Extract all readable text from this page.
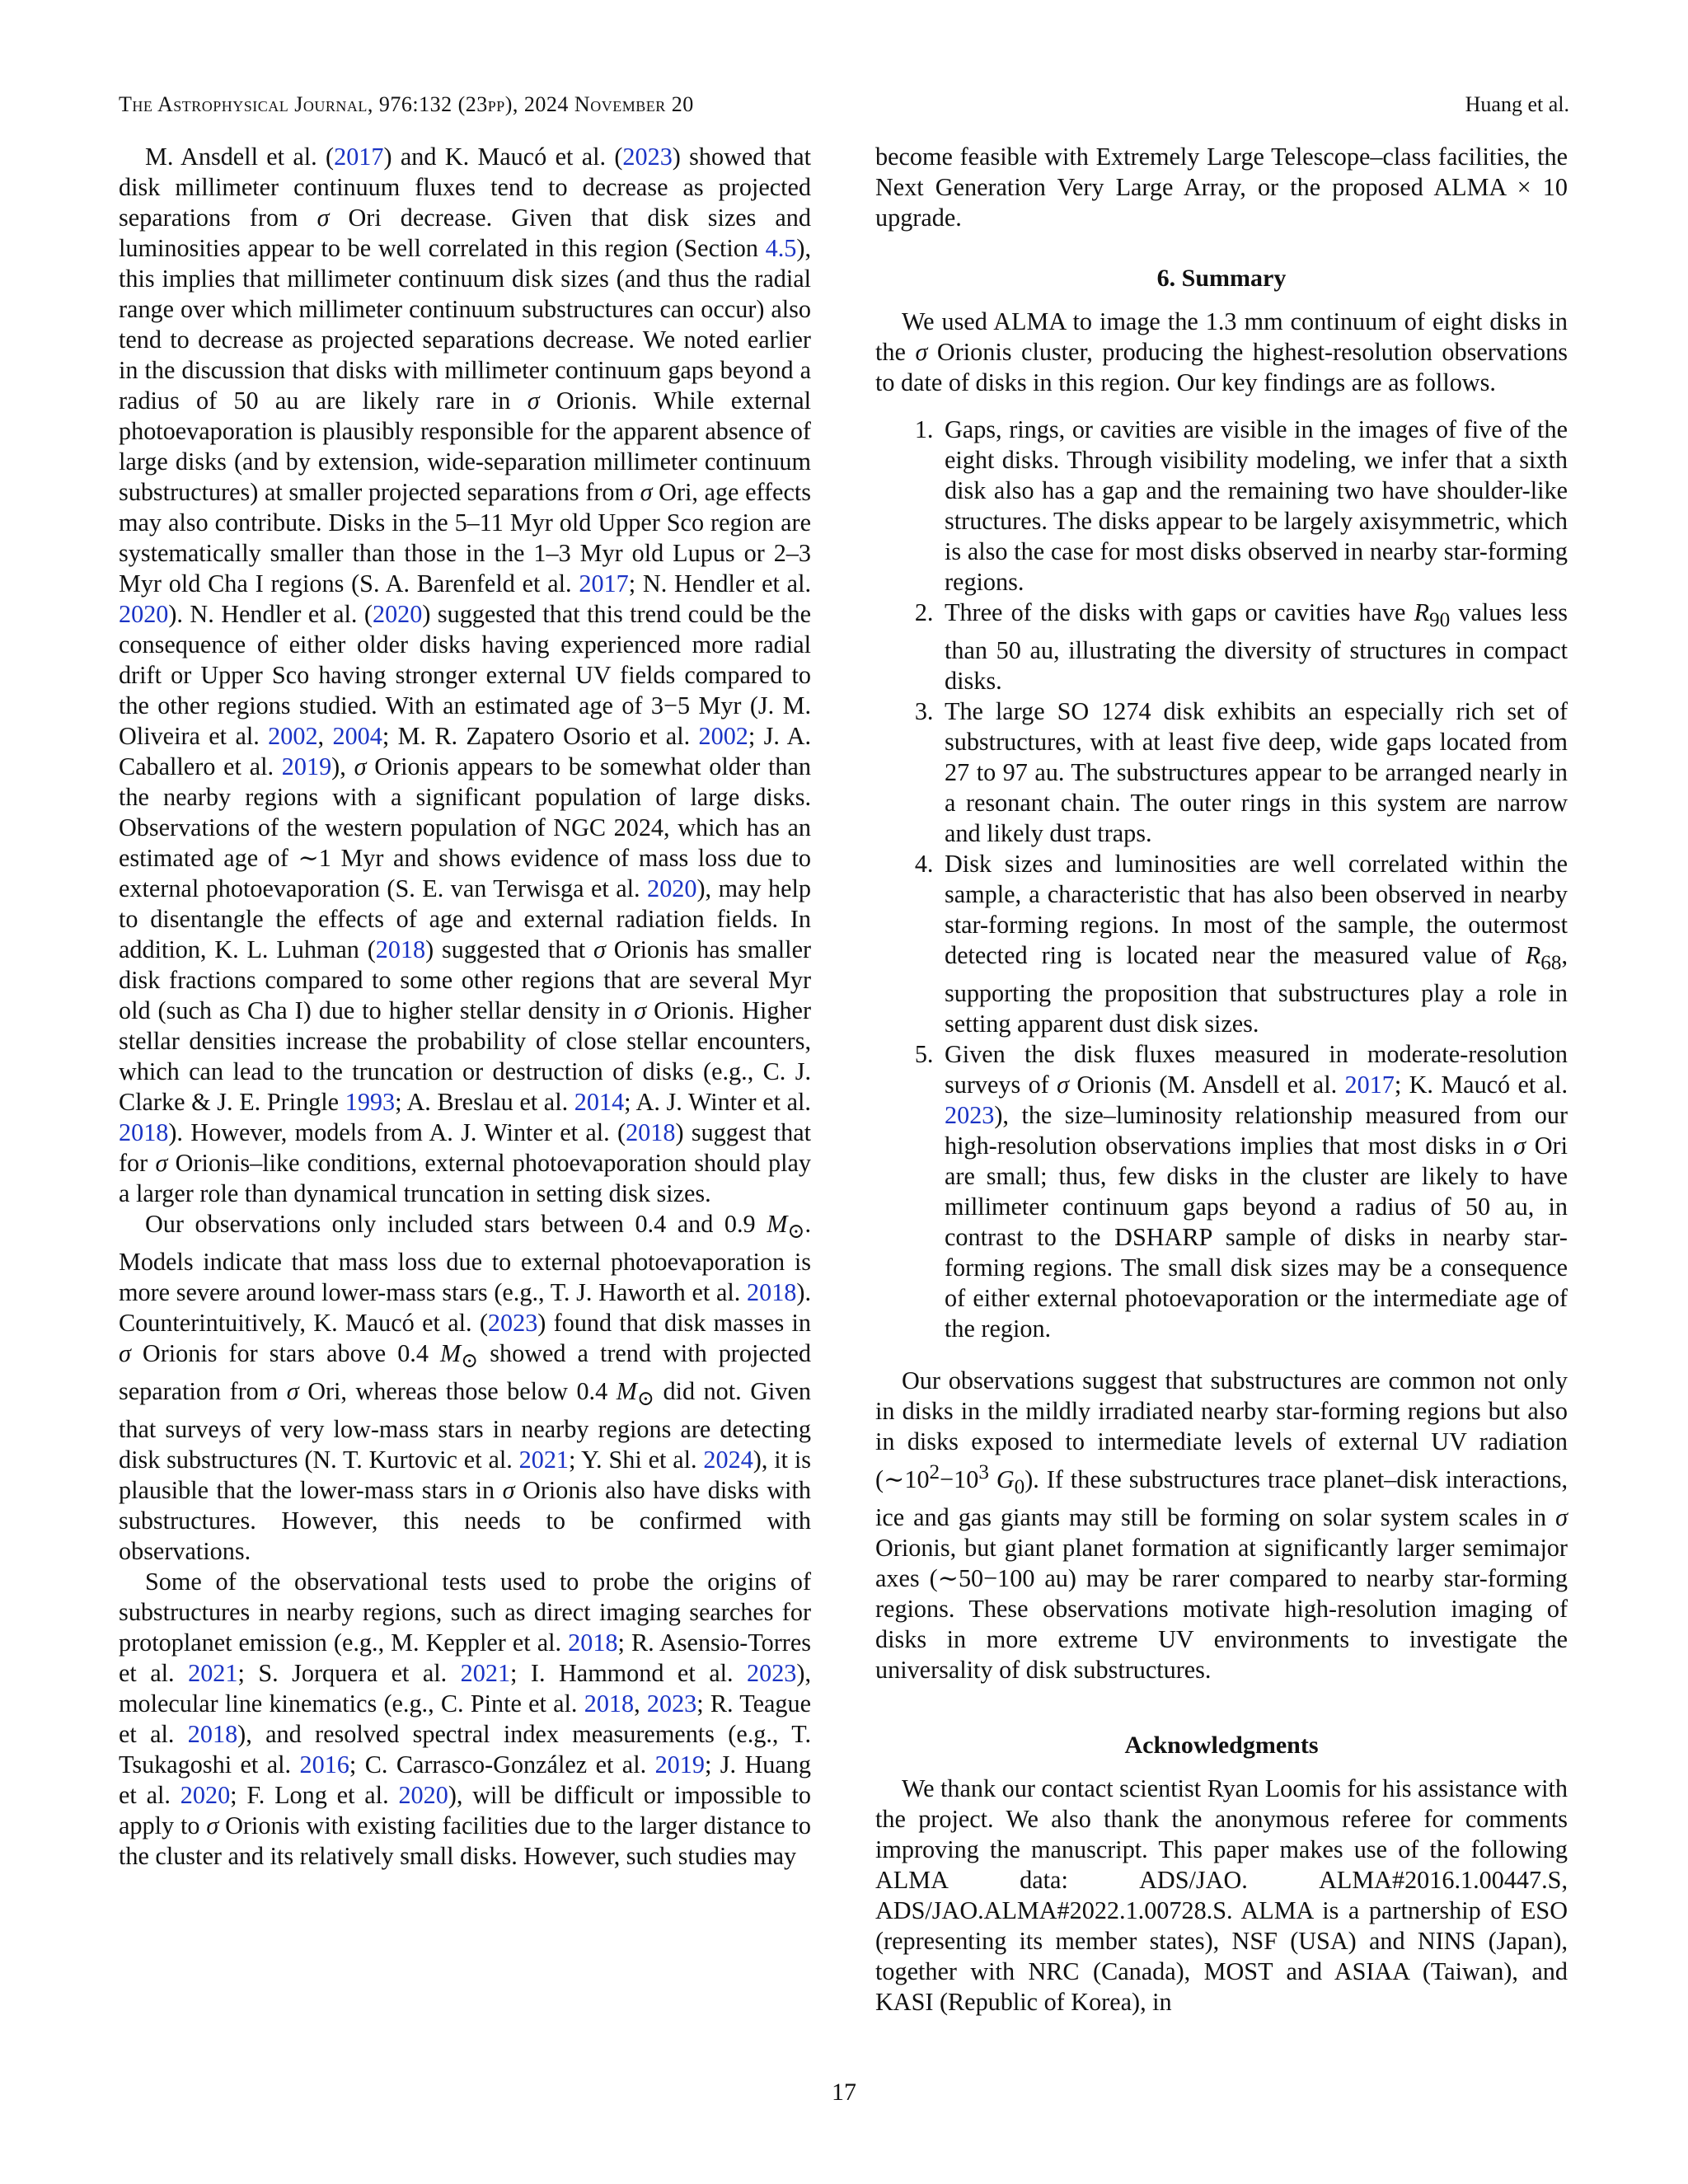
The Astrophysical Journal, 976:132 (23pp), 2024 November 20	Huang et al.

M. Ansdell et al. (2017) and K. Maucó et al. (2023) showed that disk millimeter continuum fluxes tend to decrease as projected separations from σ Ori decrease. Given that disk sizes and luminosities appear to be well correlated in this region (Section 4.5), this implies that millimeter continuum disk sizes (and thus the radial range over which millimeter continuum substructures can occur) also tend to decrease as projected separations decrease. We noted earlier in the discussion that disks with millimeter continuum gaps beyond a radius of 50 au are likely rare in σ Orionis. While external photoevaporation is plausibly responsible for the apparent absence of large disks (and by extension, wide-separation millimeter continuum substructures) at smaller projected separations from σ Ori, age effects may also contribute. Disks in the 5–11 Myr old Upper Sco region are systematically smaller than those in the 1–3 Myr old Lupus or 2–3 Myr old Cha I regions (S. A. Barenfeld et al. 2017; N. Hendler et al. 2020). N. Hendler et al. (2020) suggested that this trend could be the consequence of either older disks having experienced more radial drift or Upper Sco having stronger external UV fields compared to the other regions studied. With an estimated age of 3−5 Myr (J. M. Oliveira et al. 2002, 2004; M. R. Zapatero Osorio et al. 2002; J. A. Caballero et al. 2019), σ Orionis appears to be somewhat older than the nearby regions with a significant population of large disks. Observations of the western population of NGC 2024, which has an estimated age of ∼1 Myr and shows evidence of mass loss due to external photoevaporation (S. E. van Terwisga et al. 2020), may help to disentangle the effects of age and external radiation fields. In addition, K. L. Luhman (2018) suggested that σ Orionis has smaller disk fractions compared to some other regions that are several Myr old (such as Cha I) due to higher stellar density in σ Orionis. Higher stellar densities increase the probability of close stellar encounters, which can lead to the truncation or destruction of disks (e.g., C. J. Clarke & J. E. Pringle 1993; A. Breslau et al. 2014; A. J. Winter et al. 2018). However, models from A. J. Winter et al. (2018) suggest that for σ Orionis–like conditions, external photoevaporation should play a larger role than dynamical truncation in setting disk sizes.

Our observations only included stars between 0.4 and 0.9 $M_⊙$. Models indicate that mass loss due to external photoevaporation is more severe around lower-mass stars (e.g., T. J. Haworth et al. 2018). Counterintuitively, K. Maucó et al. (2023) found that disk masses in σ Orionis for stars above 0.4 $M_⊙$ showed a trend with projected separation from σ Ori, whereas those below 0.4 $M_⊙$ did not. Given that surveys of very low-mass stars in nearby regions are detecting disk substructures (N. T. Kurtovic et al. 2021; Y. Shi et al. 2024), it is plausible that the lower-mass stars in σ Orionis also have disks with substructures. However, this needs to be confirmed with observations.

Some of the observational tests used to probe the origins of substructures in nearby regions, such as direct imaging searches for protoplanet emission (e.g., M. Keppler et al. 2018; R. Asensio-Torres et al. 2021; S. Jorquera et al. 2021; I. Hammond et al. 2023), molecular line kinematics (e.g., C. Pinte et al. 2018, 2023; R. Teague et al. 2018), and resolved spectral index measurements (e.g., T. Tsukagoshi et al. 2016; C. Carrasco-González et al. 2019; J. Huang et al. 2020; F. Long et al. 2020), will be difficult or impossible to apply to σ Orionis with existing facilities due to the larger distance to the cluster and its relatively small disks. However, such studies may

become feasible with Extremely Large Telescope–class facilities, the Next Generation Very Large Array, or the proposed ALMA × 10 upgrade.

6. Summary

We used ALMA to image the 1.3 mm continuum of eight disks in the σ Orionis cluster, producing the highest-resolution observations to date of disks in this region. Our key findings are as follows.

1. Gaps, rings, or cavities are visible in the images of five of the eight disks. Through visibility modeling, we infer that a sixth disk also has a gap and the remaining two have shoulder-like structures. The disks appear to be largely axisymmetric, which is also the case for most disks observed in nearby star-forming regions.
2. Three of the disks with gaps or cavities have $R_{90}$ values less than 50 au, illustrating the diversity of structures in compact disks.
3. The large SO 1274 disk exhibits an especially rich set of substructures, with at least five deep, wide gaps located from 27 to 97 au. The substructures appear to be arranged nearly in a resonant chain. The outer rings in this system are narrow and likely dust traps.
4. Disk sizes and luminosities are well correlated within the sample, a characteristic that has also been observed in nearby star-forming regions. In most of the sample, the outermost detected ring is located near the measured value of $R_{68}$, supporting the proposition that substructures play a role in setting apparent dust disk sizes.
5. Given the disk fluxes measured in moderate-resolution surveys of σ Orionis (M. Ansdell et al. 2017; K. Maucó et al. 2023), the size–luminosity relationship measured from our high-resolution observations implies that most disks in σ Ori are small; thus, few disks in the cluster are likely to have millimeter continuum gaps beyond a radius of 50 au, in contrast to the DSHARP sample of disks in nearby star-forming regions. The small disk sizes may be a consequence of either external photoevaporation or the intermediate age of the region.

Our observations suggest that substructures are common not only in disks in the mildly irradiated nearby star-forming regions but also in disks exposed to intermediate levels of external UV radiation ($\sim 10^2-10^3$ $G_0$). If these substructures trace planet–disk interactions, ice and gas giants may still be forming on solar system scales in σ Orionis, but giant planet formation at significantly larger semimajor axes (∼50−100 au) may be rarer compared to nearby star-forming regions. These observations motivate high-resolution imaging of disks in more extreme UV environments to investigate the universality of disk substructures.

Acknowledgments

We thank our contact scientist Ryan Loomis for his assistance with the project. We also thank the anonymous referee for comments improving the manuscript. This paper makes use of the following ALMA data: ADS/JAO. ALMA#2016.1.00447.S, ADS/JAO.ALMA#2022.1.00728.S. ALMA is a partnership of ESO (representing its member states), NSF (USA) and NINS (Japan), together with NRC (Canada), MOST and ASIAA (Taiwan), and KASI (Republic of Korea), in

17
